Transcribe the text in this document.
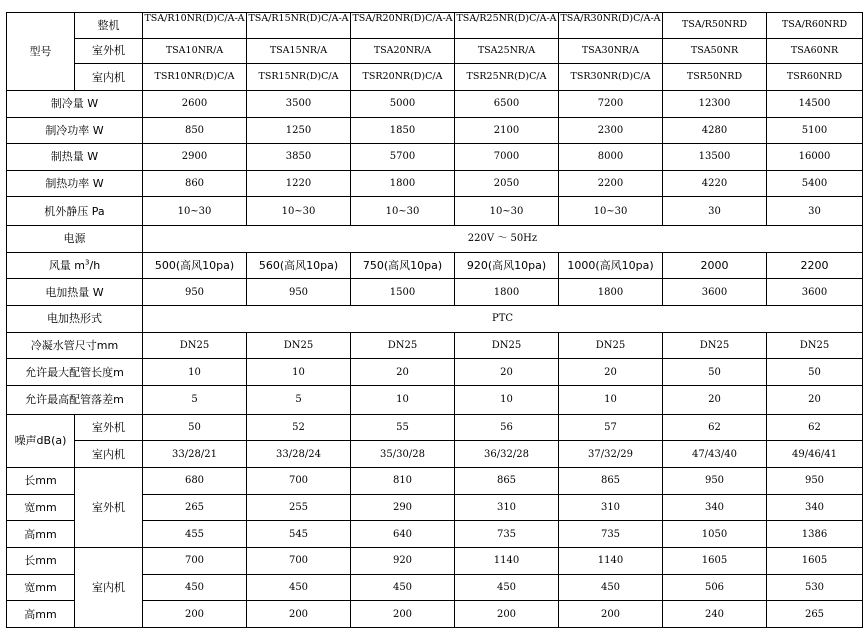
型号	整机	TSA/R10NR(D)C/A-A	TSA/R15NR(D)C/A-A	TSA/R20NR(D)C/A-A	TSA/R25NR(D)C/A-A	TSA/R30NR(D)C/A-A	TSA/R50NRD	TSA/R60NRD
	室外机	TSA10NR/A	TSA15NR/A	TSA20NR/A	TSA25NR/A	TSA30NR/A	TSA50NR	TSA60NR
	室内机	TSR10NR(D)C/A	TSR15NR(D)C/A	TSR20NR(D)C/A	TSR25NR(D)C/A	TSR30NR(D)C/A	TSR50NRD	TSR60NRD
制冷量 W		2600	3500	5000	6500	7200	12300	14500
制冷功率 W		850	1250	1850	2100	2300	4280	5100
制热量 W		2900	3850	5700	7000	8000	13500	16000
制热功率 W		860	1220	1800	2050	2200	4220	5400
机外静压 Pa		10~30	10~30	10~30	10~30	10~30	30	30
电源		220V ～ 50Hz						
风量 $m^3/h$		500(高风10pa)	560(高风10pa)	750(高风10pa)	920(高风10pa)	1000(高风10pa)	2000	2200
电加热量 W		950	950	1500	1800	1800	3600	3600
电加热形式		PTC						
冷凝水管尺寸mm		DN25	DN25	DN25	DN25	DN25	DN25	DN25
允许最大配管长度m		10	10	20	20	20	50	50
允许最高配管落差m		5	5	10	10	10	20	20
噪声dB(a)	室外机	50	52	55	56	57	62	62
	室内机	33/28/21	33/28/24	35/30/28	36/32/28	37/32/29	47/43/40	49/46/41
长mm	室外机	680	700	810	865	865	950	950
宽mm		265	255	290	310	310	340	340
高mm		455	545	640	735	735	1050	1386
长mm	室内机	700	700	920	1140	1140	1605	1605
宽mm		450	450	450	450	450	506	530
高mm		200	200	200	200	200	240	265
